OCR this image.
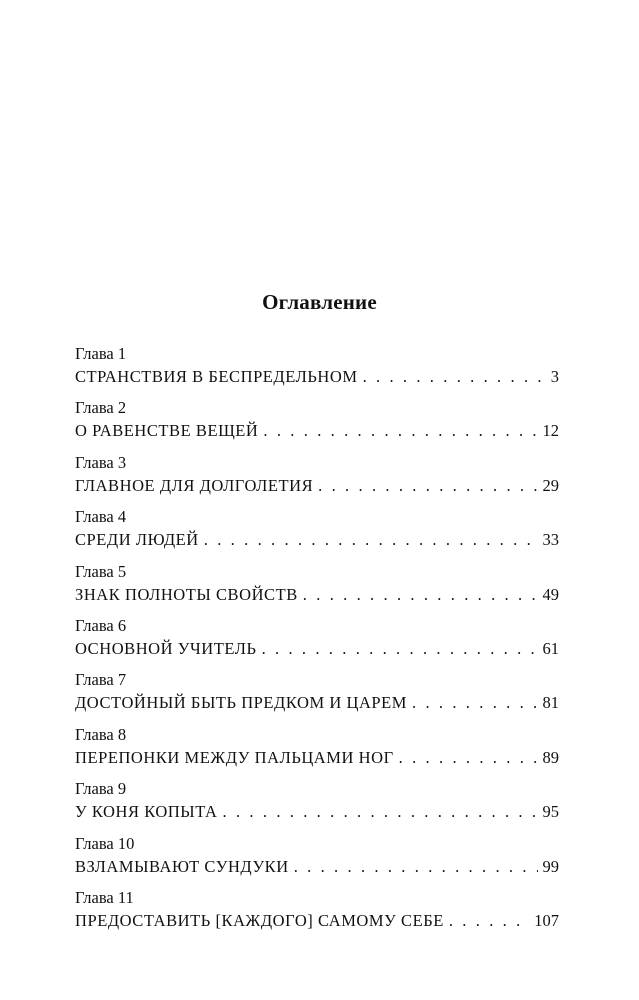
Оглавление
Глава 1
СТРАНСТВИЯ В БЕСПРЕДЕЛЬНОМ . . .	3
Глава 2
О РАВЕНСТВЕ ВЕЩЕЙ . . .	12
Глава 3
ГЛАВНОЕ ДЛЯ ДОЛГОЛЕТИЯ . . .	29
Глава 4
СРЕДИ ЛЮДЕЙ . . .	33
Глава 5
ЗНАК ПОЛНОТЫ СВОЙСТВ . . .	49
Глава 6
ОСНОВНОЙ УЧИТЕЛЬ . . .	61
Глава 7
ДОСТОЙНЫЙ БЫТЬ ПРЕДКОМ И ЦАРЕМ . . .	81
Глава 8
ПЕРЕПОНКИ МЕЖДУ ПАЛЬЦАМИ НОГ . . .	89
Глава 9
У КОНЯ КОПЫТА . . .	95
Глава 10
ВЗЛАМЫВАЮТ СУНДУКИ . . .	99
Глава 11
ПРЕДОСТАВИТЬ [КАЖДОГО] САМОМУ СЕБЕ . . .	107
